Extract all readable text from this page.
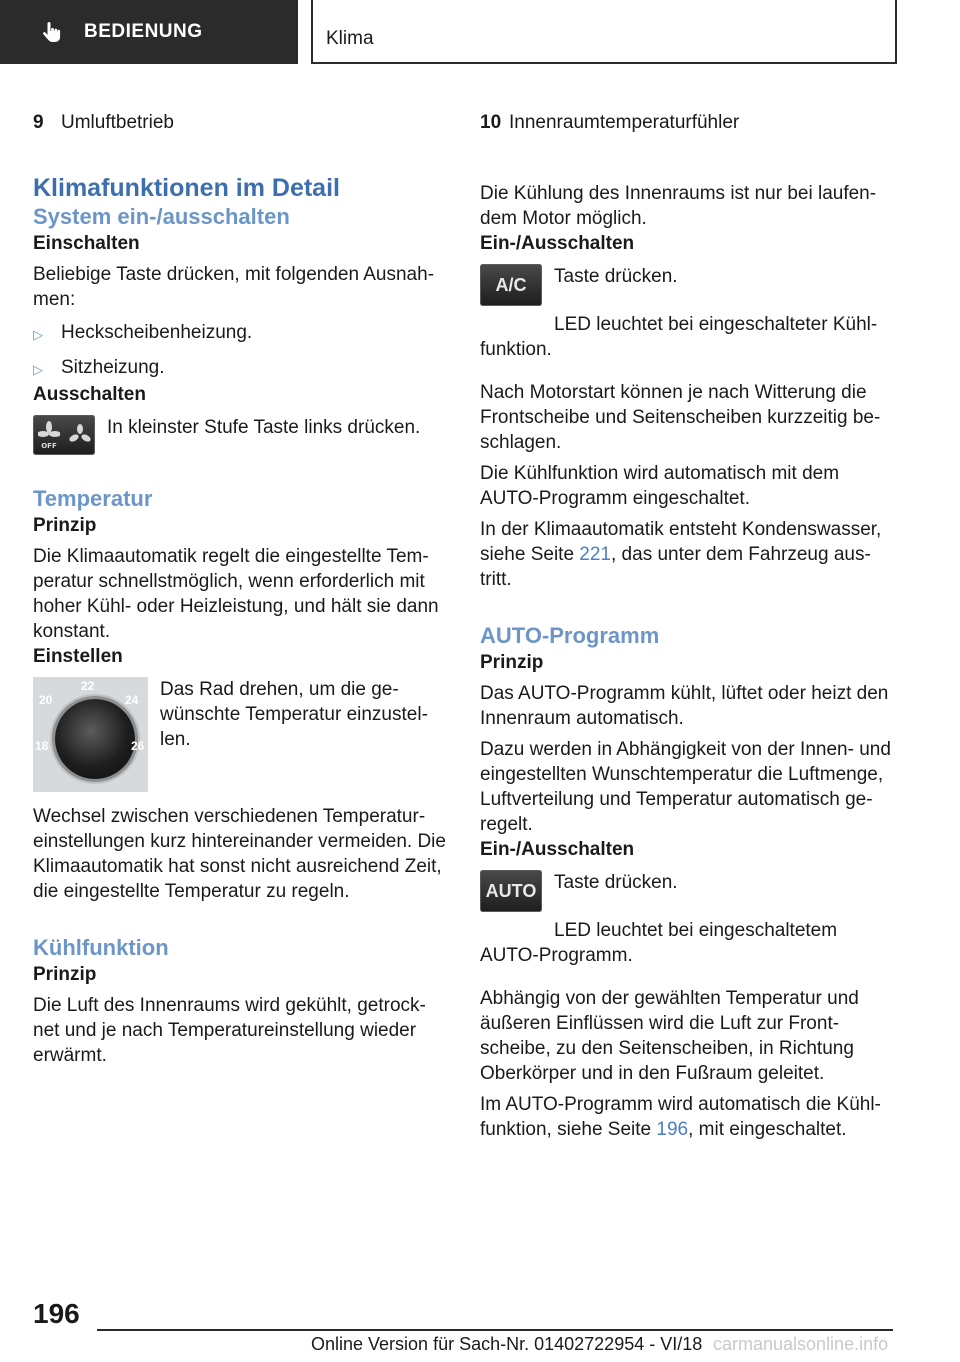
BEDIENUNG	Klima
9 Umluftbetrieb

Klimafunktionen im Detail

System ein-/ausschalten

Einschalten

Beliebige Taste drücken, mit folgenden Ausnah-men:

▷ Heckscheibenheizung.
▷ Sitzheizung.

Ausschalten

OFF
In kleinster Stufe Taste links drücken.

Temperatur

Prinzip

Die Klimaautomatik regelt die eingestellte Tem-peratur schnellstmöglich, wenn erforderlich mit hoher Kühl- oder Heizleistung, und hält sie dann konstant.

Einstellen

22
20	24
18	26
Das Rad drehen, um die ge-wünschte Temperatur einzustel-len.

Wechsel zwischen verschiedenen Temperatur-einstellungen kurz hintereinander vermeiden. Die Klimaautomatik hat sonst nicht ausreichend Zeit, die eingestellte Temperatur zu regeln.

Kühlfunktion

Prinzip

Die Luft des Innenraums wird gekühlt, getrock-net und je nach Temperatureinstellung wieder erwärmt.

10 Innenraumtemperaturfühler

Die Kühlung des Innenraums ist nur bei laufen-dem Motor möglich.

Ein-/Ausschalten

A/C	Taste drücken.

LED leuchtet bei eingeschalteter Kühl-funktion.

Nach Motorstart können je nach Witterung die Frontscheibe und Seitenscheiben kurzzeitig be-schlagen.

Die Kühlfunktion wird automatisch mit dem AUTO-Programm eingeschaltet.

In der Klimaautomatik entsteht Kondenswasser, siehe Seite 221, das unter dem Fahrzeug aus-tritt.

AUTO-Programm

Prinzip

Das AUTO-Programm kühlt, lüftet oder heizt den Innenraum automatisch.

Dazu werden in Abhängigkeit von der Innen- und eingestellten Wunschtemperatur die Luftmenge, Luftverteilung und Temperatur automatisch ge-regelt.

Ein-/Ausschalten

AUTO Taste drücken.

LED leuchtet bei eingeschaltetem AUTO-Programm.

Abhängig von der gewählten Temperatur und äußeren Einflüssen wird die Luft zur Front-scheibe, zu den Seitenscheiben, in Richtung Oberkörper und in den Fußraum geleitet.

Im AUTO-Programm wird automatisch die Kühl-funktion, siehe Seite 196, mit eingeschaltet.

196
Online Version für Sach-Nr. 01402722954 - VI/18 carmanualsonline.info
